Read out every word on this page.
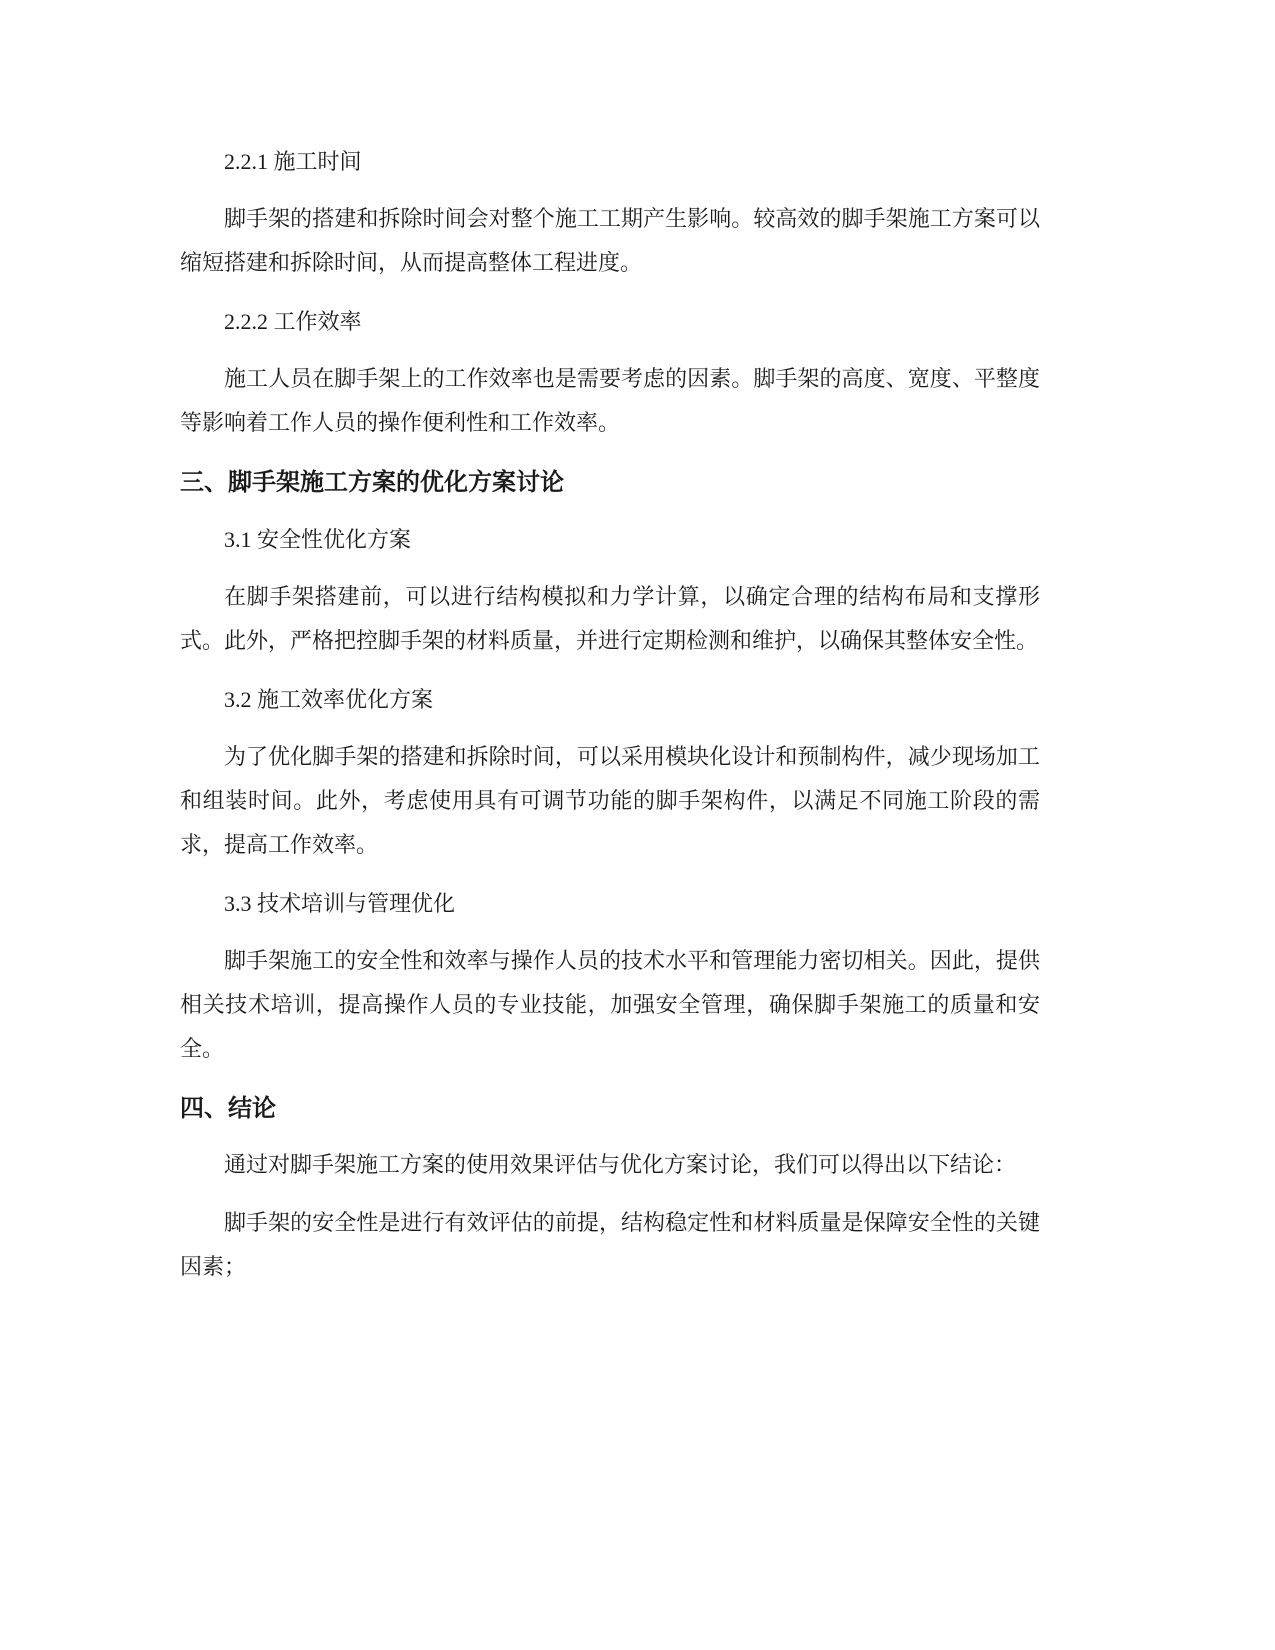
2.2.1 施工时间
脚手架的搭建和拆除时间会对整个施工工期产生影响。较高效的脚手架施工方案可以缩短搭建和拆除时间，从而提高整体工程进度。
2.2.2 工作效率
施工人员在脚手架上的工作效率也是需要考虑的因素。脚手架的高度、宽度、平整度等影响着工作人员的操作便利性和工作效率。
三、脚手架施工方案的优化方案讨论
3.1 安全性优化方案
在脚手架搭建前，可以进行结构模拟和力学计算，以确定合理的结构布局和支撑形式。此外，严格把控脚手架的材料质量，并进行定期检测和维护，以确保其整体安全性。
3.2 施工效率优化方案
为了优化脚手架的搭建和拆除时间，可以采用模块化设计和预制构件，减少现场加工和组装时间。此外，考虑使用具有可调节功能的脚手架构件，以满足不同施工阶段的需求，提高工作效率。
3.3 技术培训与管理优化
脚手架施工的安全性和效率与操作人员的技术水平和管理能力密切相关。因此，提供相关技术培训，提高操作人员的专业技能，加强安全管理，确保脚手架施工的质量和安全。
四、结论
通过对脚手架施工方案的使用效果评估与优化方案讨论，我们可以得出以下结论：
脚手架的安全性是进行有效评估的前提，结构稳定性和材料质量是保障安全性的关键因素；
